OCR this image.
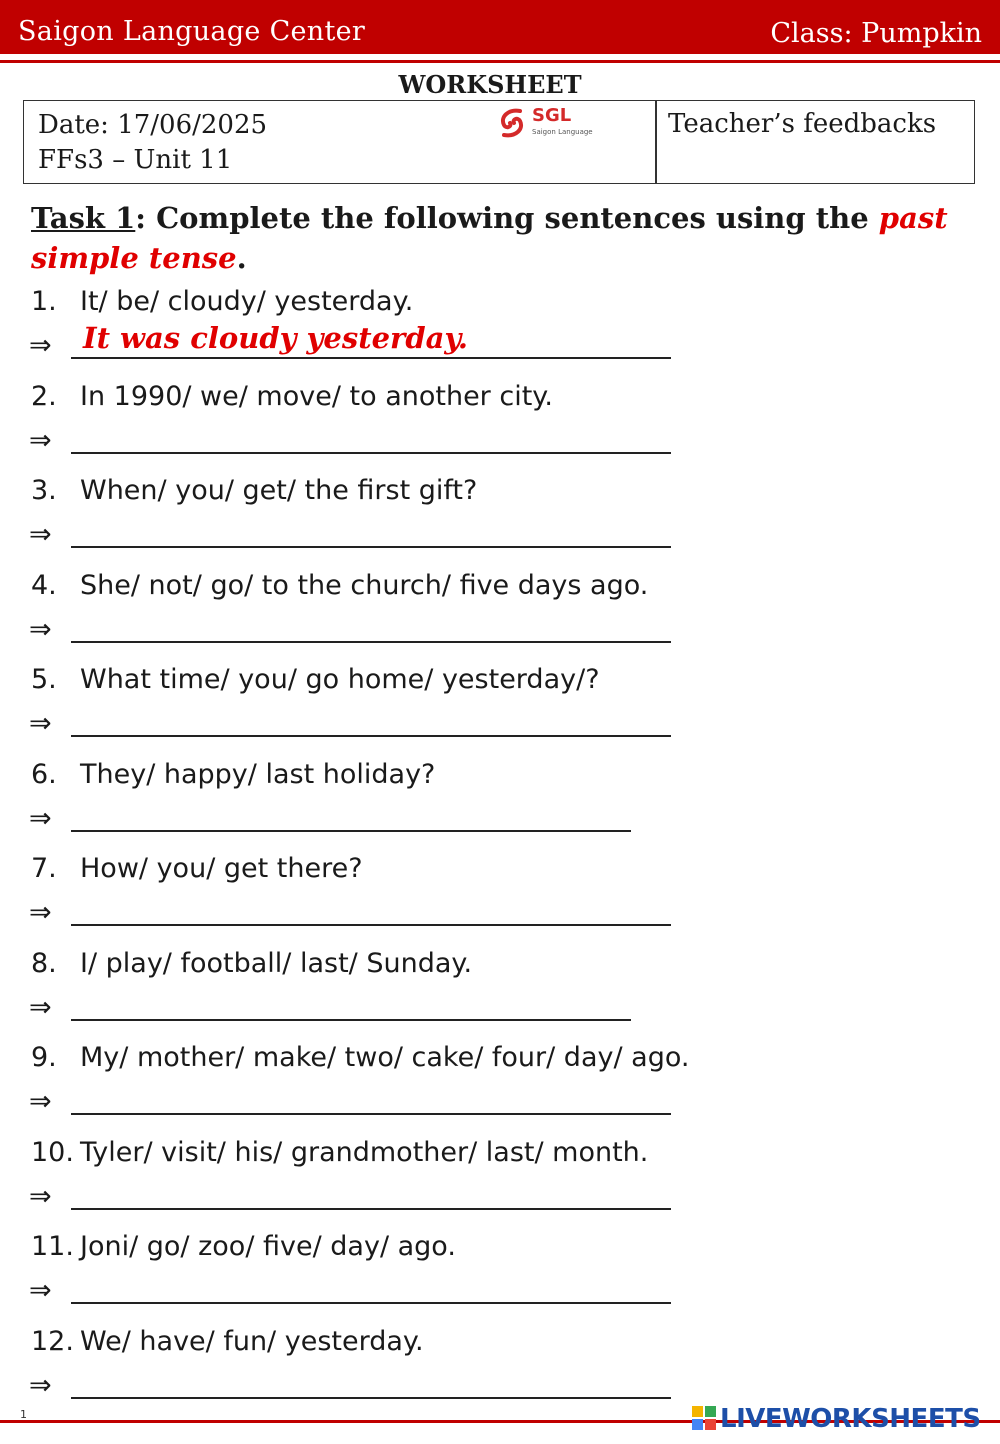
Saigon Language Center	Class: Pumpkin
WORKSHEET
Date: 17/06/2025
FFs3 – Unit 11
SGL
Saigon Language	Teacher’s feedbacks
Task 1: Complete the following sentences using the past simple tense.
1. It/ be/ cloudy/ yesterday.
⇒ It was cloudy yesterday.
2. In 1990/ we/ move/ to another city.
⇒
3. When/ you/ get/ the first gift?
⇒
4. She/ not/ go/ to the church/ five days ago.
⇒
5. What time/ you/ go home/ yesterday/?
⇒
6. They/ happy/ last holiday?
⇒
7. How/ you/ get there?
⇒
8. I/ play/ football/ last/ Sunday.
⇒
9. My/ mother/ make/ two/ cake/ four/ day/ ago.
⇒
10. Tyler/ visit/ his/ grandmother/ last/ month.
⇒
11. Joni/ go/ zoo/ five/ day/ ago.
⇒
12. We/ have/ fun/ yesterday.
⇒
1	LIVEWORKSHEETS
